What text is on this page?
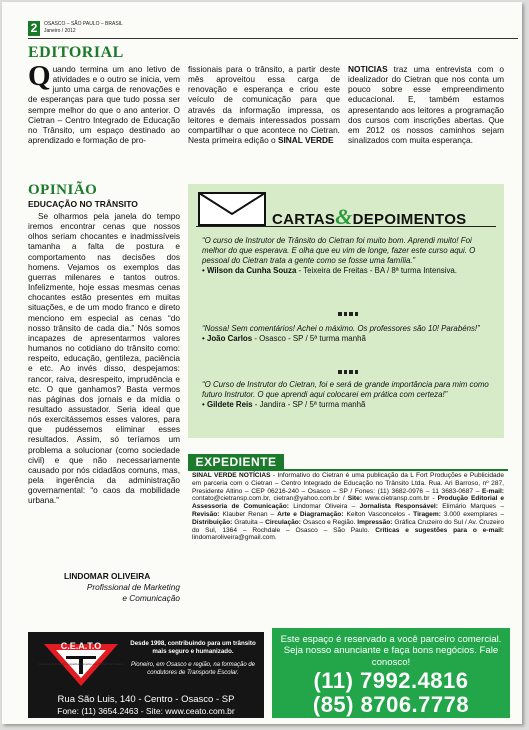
2	OSASCO – SÃO PAULO – BRASIL
Janeiro / 2012
EDITORIAL
Quando termina um ano letivo de atividades e o outro se inicia, vem junto uma carga de renovações e de esperanças para que tudo possa ser sempre melhor do que o ano anterior. O Cietran – Centro Integrado de Educação no Trânsito, um espaço destinado ao aprendizado e formação de pro-
fissionais para o trânsito, a partir deste mês aproveitou essa carga de renovação e esperança e criou este veículo de comunicação para que através da informação impressa, os leitores e demais interessados possam compartilhar o que acontece no Cietran. Nesta primeira edição o SINAL VERDE
NOTICIAS traz uma entrevista com o idealizador do Cietran que nos conta um pouco sobre esse empreendimento educacional. E, também estamos apresentando aos leitores a programação dos cursos com inscrições abertas. Que em 2012 os nossos caminhos sejam sinalizados com muita esperança.
OPINIÃO
EDUCAÇÃO NO TRÂNSITO
Se olharmos pela janela do tempo iremos encontrar cenas que nossos olhos seriam chocantes e inadmissíveis tamanha a falta de postura e comportamento nas decisões dos homens. Vejamos os exemplos das guerras milenares e tantos outros. Infelizmente, hoje essas mesmas cenas chocantes estão presentes em muitas situações, e de um modo franco e direto menciono em especial as cenas “do nosso trânsito de cada dia.” Nós somos incapazes de apresentarmos valores humanos no cotidiano do trânsito como: respeito, educação, gentileza, paciência e etc. Ao invés disso, despejamos: rancor, raiva, desrespeito, imprudência e etc. O que ganhamos? Basta vermos nas páginas dos jornais e da mídia o resultado assustador. Seria ideal que nós exercitássemos esses valores, para que pudéssemos eliminar esses resultados. Assim, só teríamos um problema a solucionar (como sociedade civil) e que não necessariamente causado por nós cidadãos comuns, mas, pela ingerência da administração governamental: “o caos da mobilidade urbana.”
LINDOMAR OLIVEIRA
Profissional de Marketing
e Comunicação
CARTAS&DEPOIMENTOS
“O curso de Instrutor de Trânsito do Cietran foi muito bom. Aprendi muito! Foi melhor do que esperava. E olha que eu vim de longe, fazer este curso aqui. O pessoal do Cietran trata a gente como se fosse uma família.”
• Wilson da Cunha Souza - Teixeira de Freitas - BA / 8ª turma Intensiva.
“Nossa! Sem comentários! Achei o máximo. Os professores são 10! Parabéns!”
• João Carlos - Osasco - SP / 5ª turma manhã
“O Curso de Instrutor do Cietran, foi e será de grande importância para mim como futuro Instrutor. O que aprendi aqui colocarei em prática com certeza!”
• Gildete Reis - Jandira - SP / 5ª turma manhã
EXPEDIENTE
SINAL VERDE NOTÍCIAS - Informativo do Cietran é uma publicação da L Fort Produções e Publicidade em parceria com o Cietran – Centro Integrado de Educação no Trânsito Ltda. Rua. Ari Barroso, nº 287, Presidente Altino – CEP 06216-240 – Osasco – SP / Fones: (11) 3682-0976 – 11 3683-0687 – E-mail: contato@cietransp.com.br, cietran@yahoo.com.br / Site: www.cietransp.com.br - Produção Editorial e Assessoria de Comunicação: Lindomar Oliveira – Jornalista Responsável: Elimário Marques – Revisão: Klauber Renan – Arte e Diagramação: Kelton Vasconcelos - Tiragem: 3.000 exemplares – Distribuição: Gratuita – Circulação: Osasco e Região. Impressão: Gráfica Cruzeiro do Sul / Av. Cruzeiro do Sul, 1364 – Rochdale – Osasco – São Paulo. Críticas e sugestões para o e-mail: lindomaroliveira@gmail.com.
C.E.A.T.O
Centro de Educação e Aperfeiçoamento em Trânsito de Osasco
Desde 1998, contribuindo para um trânsito mais seguro e humanizado.
Pioneiro, em Osasco e região, na formação de condutores de Transporte Escolar.
Rua São Luis, 140 - Centro - Osasco - SP
Fone: (11) 3654.2463 - Site: www.ceato.com.br
Este espaço é reservado a você parceiro comercial. Seja nosso anunciante e faça bons negócios. Fale conosco!
(11) 7992.4816
(85) 8706.7778
